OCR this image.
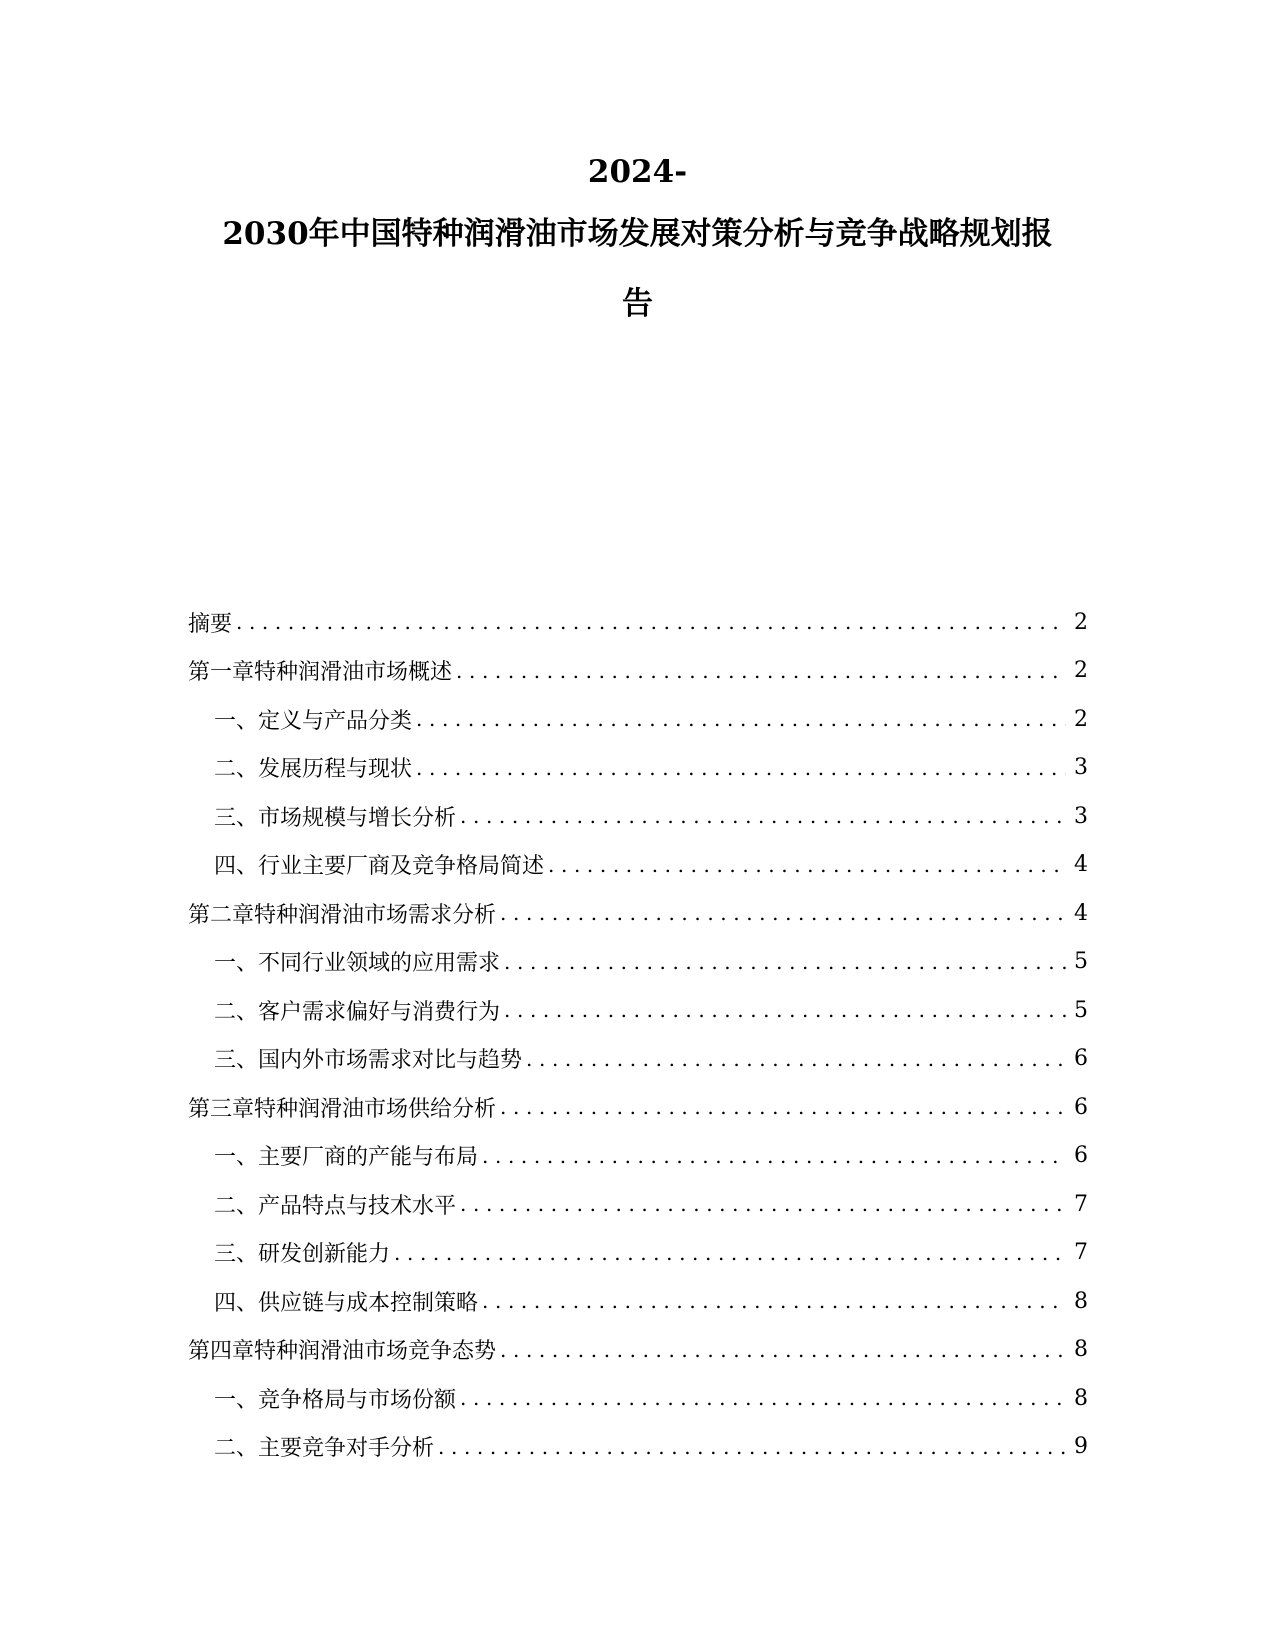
2024-
2030年中国特种润滑油市场发展对策分析与竞争战略规划报
告
摘要 .....	2
第一章 特种润滑油市场概述 .....	2
一、 定义与产品分类 .....	2
二、 发展历程与现状 .....	3
三、 市场规模与增长分析 .....	3
四、 行业主要厂商及竞争格局简述 .....	4
第二章 特种润滑油市场需求分析 .....	4
一、 不同行业领域的应用需求 .....	5
二、 客户需求偏好与消费行为 .....	5
三、 国内外市场需求对比与趋势 .....	6
第三章 特种润滑油市场供给分析 .....	6
一、 主要厂商的产能与布局 .....	6
二、 产品特点与技术水平 .....	7
三、 研发创新能力 .....	7
四、 供应链与成本控制策略 .....	8
第四章 特种润滑油市场竞争态势 .....	8
一、 竞争格局与市场份额 .....	8
二、 主要竞争对手分析 .....	9
